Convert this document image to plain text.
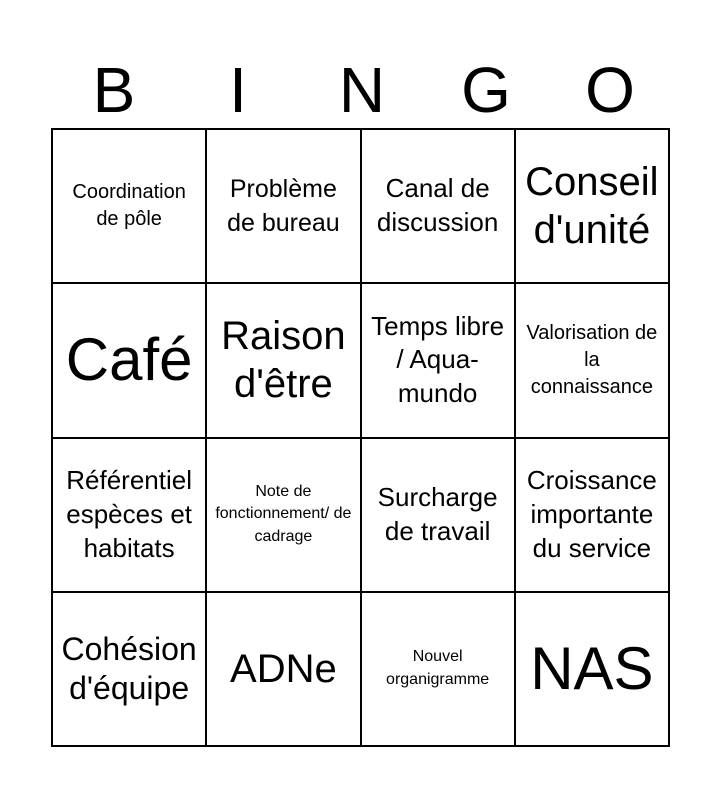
B	I	N	G	O
Coordination de pôle
Problème de bureau
Canal de discussion
Conseil d'unité
Café Raison d'être
Temps libre / Aqua-mundo
Valorisation de la connaissance
Référentiel espèces et habitats
Note de fonctionnement/ de cadrage
Surcharge de travail
Croissance importante du service
Cohésion d'équipe ADNe	Nouvel organigramme NAS
